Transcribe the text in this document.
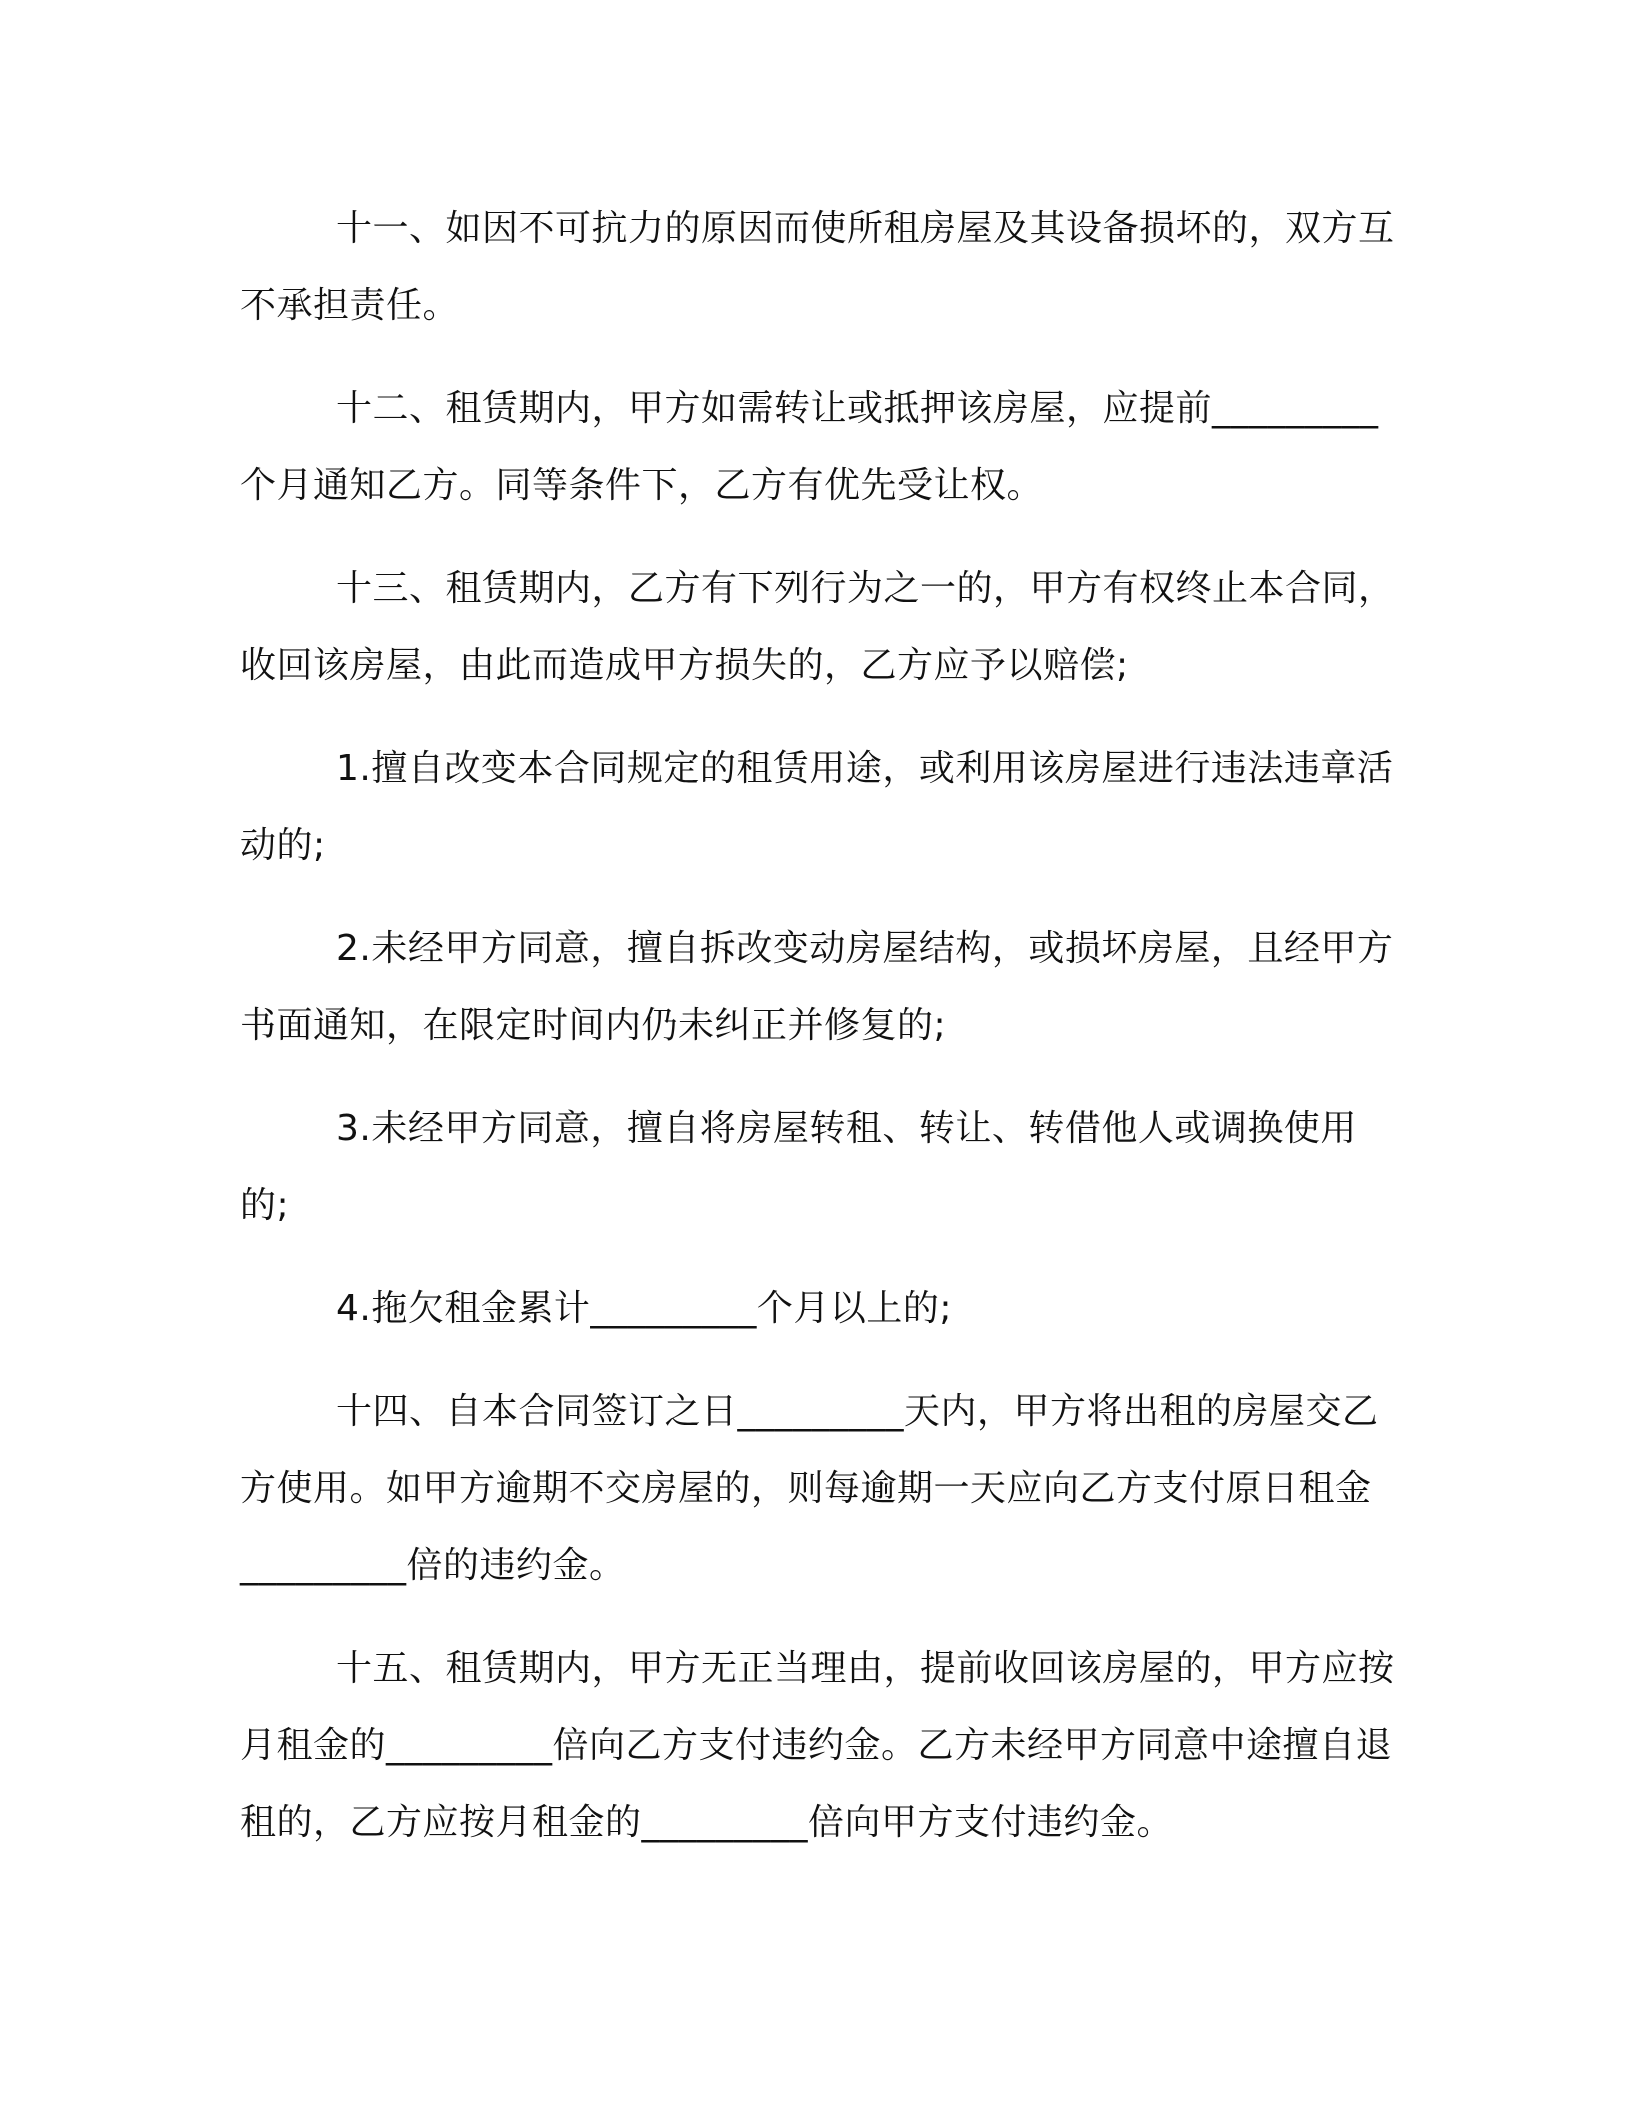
十一、如因不可抗力的原因而使所租房屋及其设备损坏的，双方互不承担责任。

十二、租赁期内，甲方如需转让或抵押该房屋，应提前_________个月通知乙方。同等条件下，乙方有优先受让权。

十三、租赁期内，乙方有下列行为之一的，甲方有权终止本合同，收回该房屋，由此而造成甲方损失的，乙方应予以赔偿;

1.擅自改变本合同规定的租赁用途，或利用该房屋进行违法违章活动的;

2.未经甲方同意，擅自拆改变动房屋结构，或损坏房屋，且经甲方书面通知，在限定时间内仍未纠正并修复的;

3.未经甲方同意，擅自将房屋转租、转让、转借他人或调换使用的;

4.拖欠租金累计_________个月以上的;

十四、自本合同签订之日_________天内，甲方将出租的房屋交乙方使用。如甲方逾期不交房屋的，则每逾期一天应向乙方支付原日租金_________倍的违约金。

十五、租赁期内，甲方无正当理由，提前收回该房屋的，甲方应按月租金的_________倍向乙方支付违约金。乙方未经甲方同意中途擅自退租的，乙方应按月租金的_________倍向甲方支付违约金。
